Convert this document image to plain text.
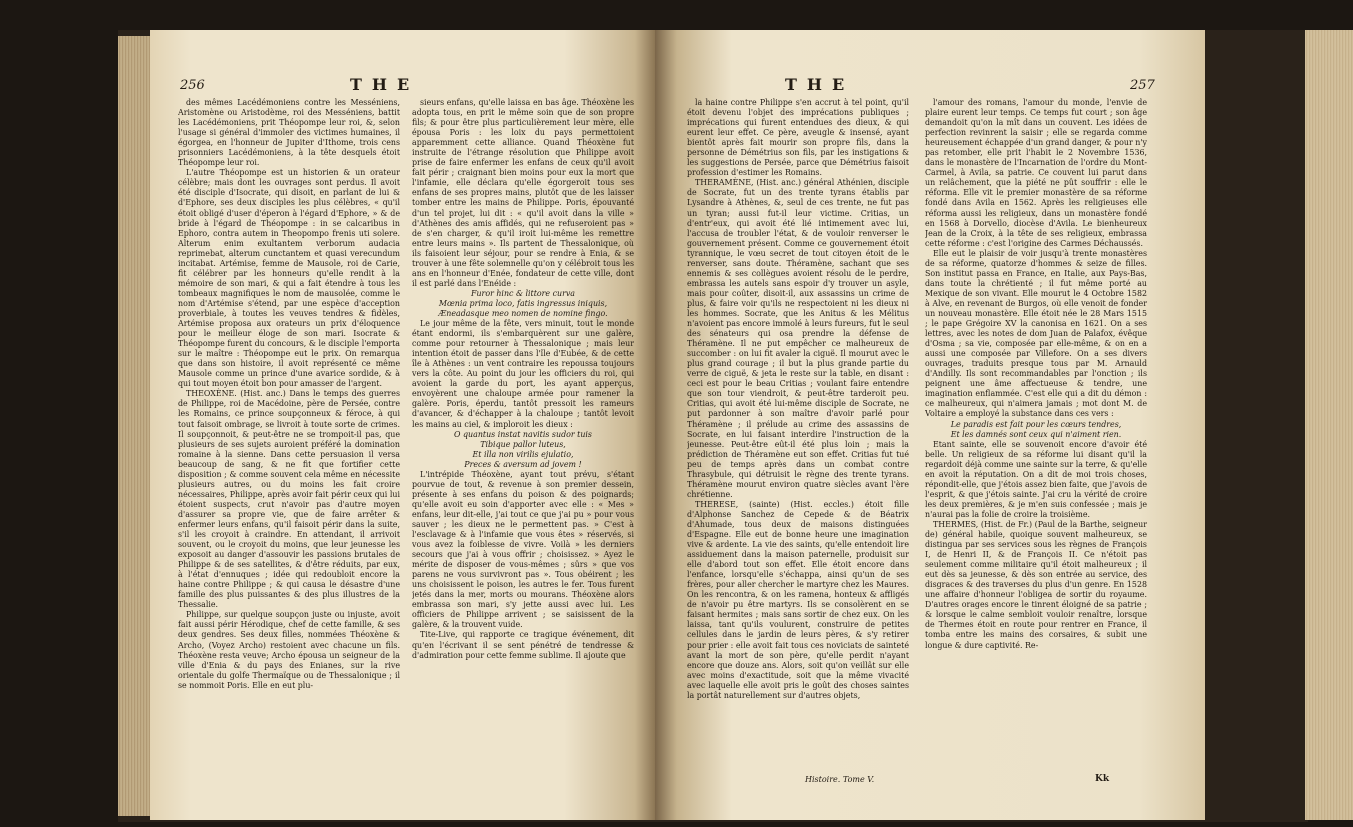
256	THE

des mêmes Lacédémoniens contre les Messéniens, Aristomène ou Aristodème, roi des Messéniens, battit les Lacédémoniens, prit Théopompe leur roi, &, selon l'usage si général d'immoler des victimes humaines, il égorgea, en l'honneur de Jupiter d'Ithome, trois cens prisonniers Lacédémoniens, à la tête desquels étoit Théopompe leur roi.

L'autre Théopompe est un historien & un orateur célèbre; mais dont les ouvrages sont perdus. Il avoit été disciple d'Isocrate, qui disoit, en parlant de lui & d'Ephore, ses deux disciples les plus célèbres, « qu'il étoit obligé d'user d'éperon à l'égard d'Ephore, » & de bride à l'égard de Théopompe : in se calcaribus in Ephoro, contra autem in Theopompo frenis uti solere. Alterum enim exultantem verborum audacia reprimebat, alterum cunctantem et quasi verecundum incitabat. Artémise, femme de Mausole, roi de Carie, fit célébrer par les honneurs qu'elle rendit à la mémoire de son mari, & qui a fait étendre à tous les tombeaux magnifiques le nom de mausolée, comme le nom d'Artémise s'étend, par une espèce d'acception proverbiale, à toutes les veuves tendres & fidèles, Artémise proposa aux orateurs un prix d'éloquence pour le meilleur éloge de son mari. Isocrate & Théopompe furent du concours, & le disciple l'emporta sur le maître : Théopompe eut le prix. On remarqua que dans son histoire, il avoit représenté ce même Mausole comme un prince d'une avarice sordide, & à qui tout moyen étoit bon pour amasser de l'argent.

THEOXÈNE. (Hist. anc.) Dans le temps des guerres de Philippe, roi de Macédoine, père de Persée, contre les Romains, ce prince soupçonneux & féroce, à qui tout faisoit ombrage, se livroit à toute sorte de crimes. Il soupçonnoit, & peut-être ne se trompoit-il pas, que plusieurs de ses sujets auroient préféré la domination romaine à la sienne. Dans cette persuasion il versa beaucoup de sang, & ne fit que fortifier cette disposition ; & comme souvent cela même en nécessite plusieurs autres, ou du moins les fait croire nécessaires, Philippe, après avoir fait périr ceux qui lui étoient suspects, crut n'avoir pas d'autre moyen d'assurer sa propre vie, que de faire arrêter & enfermer leurs enfans, qu'il faisoit périr dans la suite, s'il les croyoit à craindre. En attendant, il arrivoit souvent, ou le croyoit du moins, que leur jeunesse les exposoit au danger d'assouvir les passions brutales de Philippe & de ses satellites, & d'être réduits, par eux, à l'état d'ennuques ; idée qui redoubloit encore la haine contre Philippe ; & qui causa le désastre d'une famille des plus puissantes & des plus illustres de la Thessalie.

Philippe, sur quelque soupçon juste ou injuste, avoit fait aussi périr Hérodique, chef de cette famille, & ses deux gendres. Ses deux filles, nommées Théoxène & Archo, (Voyez Archo) restoient avec chacune un fils. Théoxène resta veuve; Archo épousa un seigneur de la ville d'Enia & du pays des Enianes, sur la rive orientale du golfe Thermaïque ou de Thessalonique ; il se nommoit Poris. Elle en eut plu-

sieurs enfans, qu'elle laissa en bas âge. Théoxène les adopta tous, en prit le même soin que de son propre fils; & pour être plus particulièrement leur mère, elle épousa Poris : les loix du pays permettoient apparemment cette alliance. Quand Théoxène fut instruite de l'étrange résolution que Philippe avoit prise de faire enfermer les enfans de ceux qu'il avoit fait périr ; craignant bien moins pour eux la mort que l'infamie, elle déclara qu'elle égorgeroit tous ses enfans de ses propres mains, plutôt que de les laisser tomber entre les mains de Philippe. Poris, épouvanté d'un tel projet, lui dit : « qu'il avoit dans la ville » d'Athènes des amis affidés, qui ne refuseroient pas » de s'en charger, & qu'il iroit lui-même les remettre entre leurs mains ». Ils partent de Thessalonique, où ils faisoient leur séjour, pour se rendre à Enia, & se trouver à une fête solemnelle qu'on y célébroit tous les ans en l'honneur d'Enée, fondateur de cette ville, dont il est parlé dans l'Enéide :

Furor hinc & littore curva

Mœnia prima loco, fatis ingressus iniquis,

Æneadasque meo nomen de nomine fingo.

Le jour même de la fête, vers minuit, tout le monde étant endormi, ils s'embarquèrent sur une galère, comme pour retourner à Thessalonique ; mais leur intention étoit de passer dans l'île d'Eubée, & de cette île à Athènes : un vent contraire les repoussa toujours vers la côte. Au point du jour les officiers du roi, qui avoient la garde du port, les ayant apperçus, envoyèrent une chaloupe armée pour ramener la galère. Poris, éperdu, tantôt pressoit les rameurs d'avancer, & d'échapper à la chaloupe ; tantôt levoit les mains au ciel, & imploroit les dieux :

O quantus instat navitis sudor tuis

Tibique pallor luteus,

Et illa non virilis ejulatio,

Preces & aversum ad jovem !

L'intrépide Théoxène, ayant tout prévu, s'étant pourvue de tout, & revenue à son premier dessein, présente à ses enfans du poison & des poignards; qu'elle avoit eu soin d'apporter avec elle : « Mes » enfans, leur dit-elle, j'ai tout ce que j'ai pu » pour vous sauver ; les dieux ne le permettent pas. » C'est à l'esclavage & à l'infamie que vous êtes » réservés, si vous avez la foiblesse de vivre. Voilà » les derniers secours que j'ai à vous offrir ; choisissez. » Ayez le mérite de disposer de vous-mêmes ; sûrs » que vos parens ne vous survivront pas ». Tous obéirent ; les uns choisissent le poison, les autres le fer. Tous furent jetés dans la mer, morts ou mourans. Théoxène alors embrassa son mari, s'y jette aussi avec lui. Les officiers de Philippe arrivent ; se saisissent de la galère, & la trouvent vuide.

Tite-Live, qui rapporte ce tragique événement, dit qu'en l'écrivant il se sent pénétré de tendresse & d'admiration pour cette femme sublime. Il ajoute que

THE	257

la haine contre Philippe s'en accrut à tel point, qu'il étoit devenu l'objet des imprécations publiques ; imprécations qui furent entendues des dieux, & qui eurent leur effet. Ce père, aveugle & insensé, ayant bientôt après fait mourir son propre fils, dans la personne de Démétrius son fils, par les instigations & les suggestions de Persée, parce que Démétrius faisoit profession d'estimer les Romains.

THERAMÈNE, (Hist. anc.) général Athénien, disciple de Socrate, fut un des trente tyrans établis par Lysandre à Athènes, &, seul de ces trente, ne fut pas un tyran; aussi fut-il leur victime. Critias, un d'entr'eux, qui avoit été lié intimement avec lui, l'accusa de troubler l'état, & de vouloir renverser le gouvernement présent. Comme ce gouvernement étoit tyrannique, le vœu secret de tout citoyen étoit de le renverser, sans doute. Théramène, sachant que ses ennemis & ses collègues avoient résolu de le perdre, embrassa les autels sans espoir d'y trouver un asyle, mais pour coûter, disoit-il, aux assassins un crime de plus, & faire voir qu'ils ne respectoient ni les dieux ni les hommes. Socrate, que les Anitus & les Mélitus n'avoient pas encore immolé à leurs fureurs, fut le seul des sénateurs qui osa prendre la défense de Théramène. Il ne put empêcher ce malheureux de succomber : on lui fit avaler la ciguë. Il mourut avec le plus grand courage ; il but la plus grande partie du verre de ciguë, & jeta le reste sur la table, en disant : ceci est pour le beau Critias ; voulant faire entendre que son tour viendroit, & peut-être tarderoit peu. Critias, qui avoit été lui-même disciple de Socrate, ne put pardonner à son maître d'avoir parlé pour Théramène ; il prélude au crime des assassins de Socrate, en lui faisant interdire l'instruction de la jeunesse. Peut-être eût-il été plus loin ; mais la prédiction de Théramène eut son effet. Critias fut tué peu de temps après dans un combat contre Thrasybule, qui détruisit le règne des trente tyrans. Théramène mourut environ quatre siècles avant l'ère chrétienne.

THERESE, (sainte) (Hist. eccles.) étoit fille d'Alphonse Sanchez de Cepede & de Béatrix d'Ahumade, tous deux de maisons distinguées d'Espagne. Elle eut de bonne heure une imagination vive & ardente. La vie des saints, qu'elle entendoit lire assiduement dans la maison paternelle, produisit sur elle d'abord tout son effet. Elle étoit encore dans l'enfance, lorsqu'elle s'échappa, ainsi qu'un de ses frères, pour aller chercher le martyre chez les Maures. On les rencontra, & on les ramena, honteux & affligés de n'avoir pu être martyrs. Ils se consolèrent en se faisant hermites ; mais sans sortir de chez eux. On les laissa, tant qu'ils voulurent, construire de petites cellules dans le jardin de leurs pères, & s'y retirer pour prier : elle avoit fait tous ces noviciats de sainteté avant la mort de son père, qu'elle perdit n'ayant encore que douze ans. Alors, soit qu'on veillât sur elle avec moins d'exactitude, soit que la même vivacité avec laquelle elle avoit pris le goût des choses saintes la portât naturellement sur d'autres objets,

l'amour des romans, l'amour du monde, l'envie de plaire eurent leur temps. Ce temps fut court ; son âge demandoit qu'on la mît dans un couvent. Les idées de perfection revinrent la saisir ; elle se regarda comme heureusement échappée d'un grand danger, & pour n'y pas retomber, elle prit l'habit le 2 Novembre 1536, dans le monastère de l'Incarnation de l'ordre du Mont-Carmel, à Avila, sa patrie. Ce couvent lui parut dans un relâchement, que la piété ne pût souffrir : elle le réforma. Elle vit le premier monastère de sa réforme fondé dans Avila en 1562. Après les religieuses elle réforma aussi les religieux, dans un monastère fondé en 1568 à Dorvello, diocèse d'Avila. Le bienheureux Jean de la Croix, à la tête de ses religieux, embrassa cette réforme : c'est l'origine des Carmes Déchaussés.

Elle eut le plaisir de voir jusqu'à trente monastères de sa réforme, quatorze d'hommes & seize de filles. Son institut passa en France, en Italie, aux Pays-Bas, dans toute la chrétienté ; il fut même porté au Mexique de son vivant. Elle mourut le 4 Octobre 1582 à Alve, en revenant de Burgos, où elle venoit de fonder un nouveau monastère. Elle étoit née le 28 Mars 1515 ; le pape Grégoire XV la canonisa en 1621. On a ses lettres, avec les notes de dom Juan de Palafox, évêque d'Osma ; sa vie, composée par elle-même, & on en a aussi une composée par Villefore. On a ses divers ouvrages, traduits presque tous par M. Arnauld d'Andilly. Ils sont recommandables par l'onction ; ils peignent une âme affectueuse & tendre, une imagination enflammée. C'est elle qui a dit du démon : ce malheureux, qui n'aimera jamais ; mot dont M. de Voltaire a employé la substance dans ces vers :

Le paradis est fait pour les cœurs tendres,

Et les damnés sont ceux qui n'aiment rien.

Etant sainte, elle se souvenoit encore d'avoir été belle. Un religieux de sa réforme lui disant qu'il la regardoit déjà comme une sainte sur la terre, & qu'elle en avoit la réputation. On a dit de moi trois choses, répondit-elle, que j'étois assez bien faite, que j'avois de l'esprit, & que j'étois sainte. J'ai cru la vérité de croire les deux premières, & je m'en suis confessée ; mais je n'aurai pas la folie de croire la troisième.

THERMES, (Hist. de Fr.) (Paul de la Barthe, seigneur de) général habile, quoique souvent malheureux, se distingua par ses services sous les règnes de François I, de Henri II, & de François II. Ce n'étoit pas seulement comme militaire qu'il étoit malheureux ; il eut dès sa jeunesse, & dès son entrée au service, des disgraces & des traverses du plus d'un genre. En 1528 une affaire d'honneur l'obligea de sortir du royaume. D'autres orages encore le tinrent éloigné de sa patrie ; & lorsque le calme sembloit vouloir renaître, lorsque de Thermes étoit en route pour rentrer en France, il tomba entre les mains des corsaires, & subit une longue & dure captivité. Re-

Histoire. Tome V.	Kk
